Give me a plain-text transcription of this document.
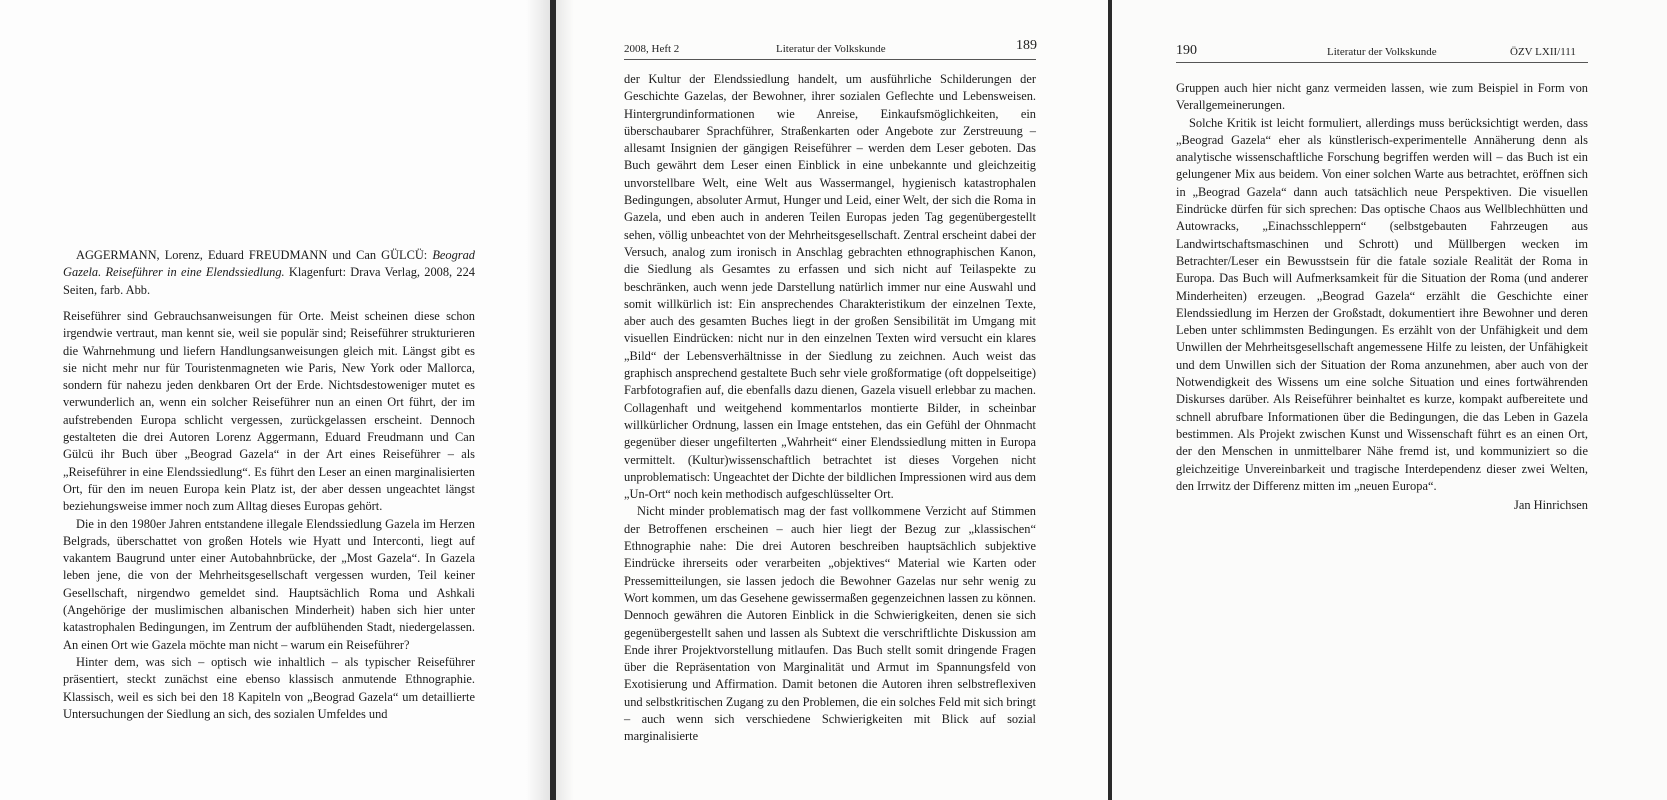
AGGERMANN, Lorenz, Eduard FREUDMANN und Can GÜLCÜ: Beograd Gazela. Reiseführer in eine Elendssiedlung. Klagenfurt: Drava Verlag, 2008, 224 Seiten, farb. Abb.

Reiseführer sind Gebrauchsanweisungen für Orte. Meist scheinen diese schon irgendwie vertraut, man kennt sie, weil sie populär sind; Reiseführer strukturieren die Wahrnehmung und liefern Handlungsanweisungen gleich mit. Längst gibt es sie nicht mehr nur für Touristenmagneten wie Paris, New York oder Mallorca, sondern für nahezu jeden denkbaren Ort der Erde. Nichtsdestoweniger mutet es verwunderlich an, wenn ein solcher Reiseführer nun an einen Ort führt, der im aufstrebenden Europa schlicht vergessen, zurückgelassen erscheint. Dennoch gestalteten die drei Autoren Lorenz Aggermann, Eduard Freudmann und Can Gülcü ihr Buch über „Beograd Gazela“ in der Art eines Reiseführer – als „Reiseführer in eine Elendssiedlung“. Es führt den Leser an einen marginalisierten Ort, für den im neuen Europa kein Platz ist, der aber dessen ungeachtet längst beziehungsweise immer noch zum Alltag dieses Europas gehört.

Die in den 1980er Jahren entstandene illegale Elendssiedlung Gazela im Herzen Belgrads, überschattet von großen Hotels wie Hyatt und Interconti, liegt auf vakantem Baugrund unter einer Autobahnbrücke, der „Most Gazela“. In Gazela leben jene, die von der Mehrheitsgesellschaft vergessen wurden, Teil keiner Gesellschaft, nirgendwo gemeldet sind. Hauptsächlich Roma und Ashkali (Angehörige der muslimischen albanischen Minderheit) haben sich hier unter katastrophalen Bedingungen, im Zentrum der aufblühenden Stadt, niedergelassen. An einen Ort wie Gazela möchte man nicht – warum ein Reiseführer?

Hinter dem, was sich – optisch wie inhaltlich – als typischer Reiseführer präsentiert, steckt zunächst eine ebenso klassisch anmutende Ethnographie. Klassisch, weil es sich bei den 18 Kapiteln von „Beograd Gazela“ um detaillierte Untersuchungen der Siedlung an sich, des sozialen Umfeldes und

2008, Heft 2	Literatur der Volkskunde	189

der Kultur der Elendssiedlung handelt, um ausführliche Schilderungen der Geschichte Gazelas, der Bewohner, ihrer sozialen Geflechte und Lebensweisen. Hintergrundinformationen wie Anreise, Einkaufsmöglichkeiten, ein überschaubarer Sprachführer, Straßenkarten oder Angebote zur Zerstreuung – allesamt Insignien der gängigen Reiseführer – werden dem Leser geboten. Das Buch gewährt dem Leser einen Einblick in eine unbekannte und gleichzeitig unvorstellbare Welt, eine Welt aus Wassermangel, hygienisch katastrophalen Bedingungen, absoluter Armut, Hunger und Leid, einer Welt, der sich die Roma in Gazela, und eben auch in anderen Teilen Europas jeden Tag gegenübergestellt sehen, völlig unbeachtet von der Mehrheitsgesellschaft. Zentral erscheint dabei der Versuch, analog zum ironisch in Anschlag gebrachten ethnographischen Kanon, die Siedlung als Gesamtes zu erfassen und sich nicht auf Teilaspekte zu beschränken, auch wenn jede Darstellung natürlich immer nur eine Auswahl und somit willkürlich ist: Ein ansprechendes Charakteristikum der einzelnen Texte, aber auch des gesamten Buches liegt in der großen Sensibilität im Umgang mit visuellen Eindrücken: nicht nur in den einzelnen Texten wird versucht ein klares „Bild“ der Lebensverhältnisse in der Siedlung zu zeichnen. Auch weist das graphisch ansprechend gestaltete Buch sehr viele großformatige (oft doppelseitige) Farbfotografien auf, die ebenfalls dazu dienen, Gazela visuell erlebbar zu machen. Collagenhaft und weitgehend kommentarlos montierte Bilder, in scheinbar willkürlicher Ordnung, lassen ein Image entstehen, das ein Gefühl der Ohnmacht gegenüber dieser ungefilterten „Wahrheit“ einer Elendssiedlung mitten in Europa vermittelt. (Kultur)wissenschaftlich betrachtet ist dieses Vorgehen nicht unproblematisch: Ungeachtet der Dichte der bildlichen Impressionen wird aus dem „Un-Ort“ noch kein methodisch aufgeschlüsselter Ort.

Nicht minder problematisch mag der fast vollkommene Verzicht auf Stimmen der Betroffenen erscheinen – auch hier liegt der Bezug zur „klassischen“ Ethnographie nahe: Die drei Autoren beschreiben hauptsächlich subjektive Eindrücke ihrerseits oder verarbeiten „objektives“ Material wie Karten oder Pressemitteilungen, sie lassen jedoch die Bewohner Gazelas nur sehr wenig zu Wort kommen, um das Gesehene gewissermaßen gegenzeichnen lassen zu können. Dennoch gewähren die Autoren Einblick in die Schwierigkeiten, denen sie sich gegenübergestellt sahen und lassen als Subtext die verschriftlichte Diskussion am Ende ihrer Projektvorstellung mitlaufen. Das Buch stellt somit dringende Fragen über die Repräsentation von Marginalität und Armut im Spannungsfeld von Exotisierung und Affirmation. Damit betonen die Autoren ihren selbstreflexiven und selbstkritischen Zugang zu den Problemen, die ein solches Feld mit sich bringt – auch wenn sich verschiedene Schwierigkeiten mit Blick auf sozial marginalisierte

190	Literatur der Volkskunde	ÖZV LXII/111

Gruppen auch hier nicht ganz vermeiden lassen, wie zum Beispiel in Form von Verallgemeinerungen.

Solche Kritik ist leicht formuliert, allerdings muss berücksichtigt werden, dass „Beograd Gazela“ eher als künstlerisch-experimentelle Annäherung denn als analytische wissenschaftliche Forschung begriffen werden will – das Buch ist ein gelungener Mix aus beidem. Von einer solchen Warte aus betrachtet, eröffnen sich in „Beograd Gazela“ dann auch tatsächlich neue Perspektiven. Die visuellen Eindrücke dürfen für sich sprechen: Das optische Chaos aus Wellblechhütten und Autowracks, „Einachsschleppern“ (selbstgebauten Fahrzeugen aus Landwirtschaftsmaschinen und Schrott) und Müllbergen wecken im Betrachter/Leser ein Bewusstsein für die fatale soziale Realität der Roma in Europa. Das Buch will Aufmerksamkeit für die Situation der Roma (und anderer Minderheiten) erzeugen. „Beograd Gazela“ erzählt die Geschichte einer Elendssiedlung im Herzen der Großstadt, dokumentiert ihre Bewohner und deren Leben unter schlimmsten Bedingungen. Es erzählt von der Unfähigkeit und dem Unwillen der Mehrheitsgesellschaft angemessene Hilfe zu leisten, der Unfähigkeit und dem Unwillen sich der Situation der Roma anzunehmen, aber auch von der Notwendigkeit des Wissens um eine solche Situation und eines fortwährenden Diskurses darüber. Als Reiseführer beinhaltet es kurze, kompakt aufbereitete und schnell abrufbare Informationen über die Bedingungen, die das Leben in Gazela bestimmen. Als Projekt zwischen Kunst und Wissenschaft führt es an einen Ort, der den Menschen in unmittelbarer Nähe fremd ist, und kommuniziert so die gleichzeitige Unvereinbarkeit und tragische Interdependenz dieser zwei Welten, den Irrwitz der Differenz mitten im „neuen Europa“.

Jan Hinrichsen
